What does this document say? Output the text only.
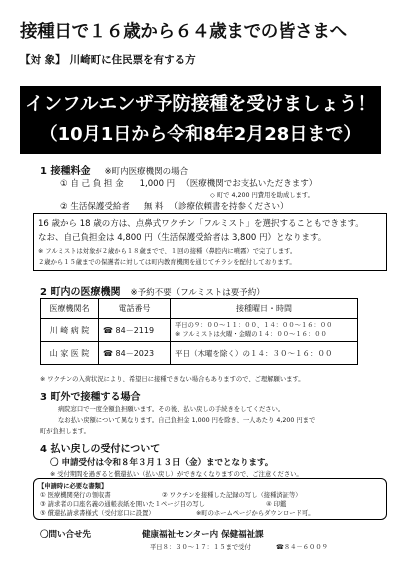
接種日で１６歳から６４歳までの皆さまへ
【対 象】 川崎町に住民票を有する方
インフルエンザ予防接種を受けましょう！
（10月1日から令和8年2月28日まで）
1 接種料金 ※町内医療機関の場合
① 自 己 負 担 金 1,000 円 （医療機関でお支払いただきます）
◇ 町で 4,200 円費用を助成します。
② 生活保護受給者 無 料 （診療依頼書を持参ください）
16 歳から 18 歳の方は、点鼻式ワクチン「フルミスト」を選択することもできます。
なお、自己負担金は 4,800 円（生活保護受給者は 3,800 円）となります。
※ フルミストは対象が２歳から１８歳までで、１回の接種（鼻腔内に噴霧）で完了します。
２歳から１５歳までの保護者に対しては町内教育機関を通じてチラシを配付しております。
2 町内の医療機関 ※予約不要（フルミストは要予約）
医療機関名	電話番号	接種曜日・時間
川 崎 病 院	☎ 84－2119	平日の９：００～１１：００、１４：００～１６：００
※ フルミストは火曜・金曜の１４：００～１６：００

山 家 医 院	☎ 84－2023	平日（木曜を除く）の１４：３０～１６：００
※ ワクチンの入荷状況により、希望日に接種できない場合もありますので、ご理解願います。
3 町外で接種する場合
病院窓口で一度全額負担願います。その後、払い戻しの手続きをしてください。
なお払い戻額について異なります。自己負担金 1,000 円を除き、一人あたり 4,200 円まで
町が負担します。
4 払い戻しの受付について
〇 申請受付は令和８年３月１３日（金）までとなります。
※ 受付期間を過ぎると償還払い（払い戻し）ができなくなりますので、ご注意ください。
【申請時に必要な書類】
① 医療機関発行の領収書	② ワクチンを接種した記録の写し（接種済証等）
③ 請求者の口座名義の通帳表紙を開いた１ページ目の写し	④ 印鑑
⑤ 償還払請求書様式（受付窓口に設置）	※町のホームページからダウンロード可。
〇問い合せ先	健康福祉センター内 保健福祉課
平日８：３０～１７：１５まで受付	☎８４－６００９
